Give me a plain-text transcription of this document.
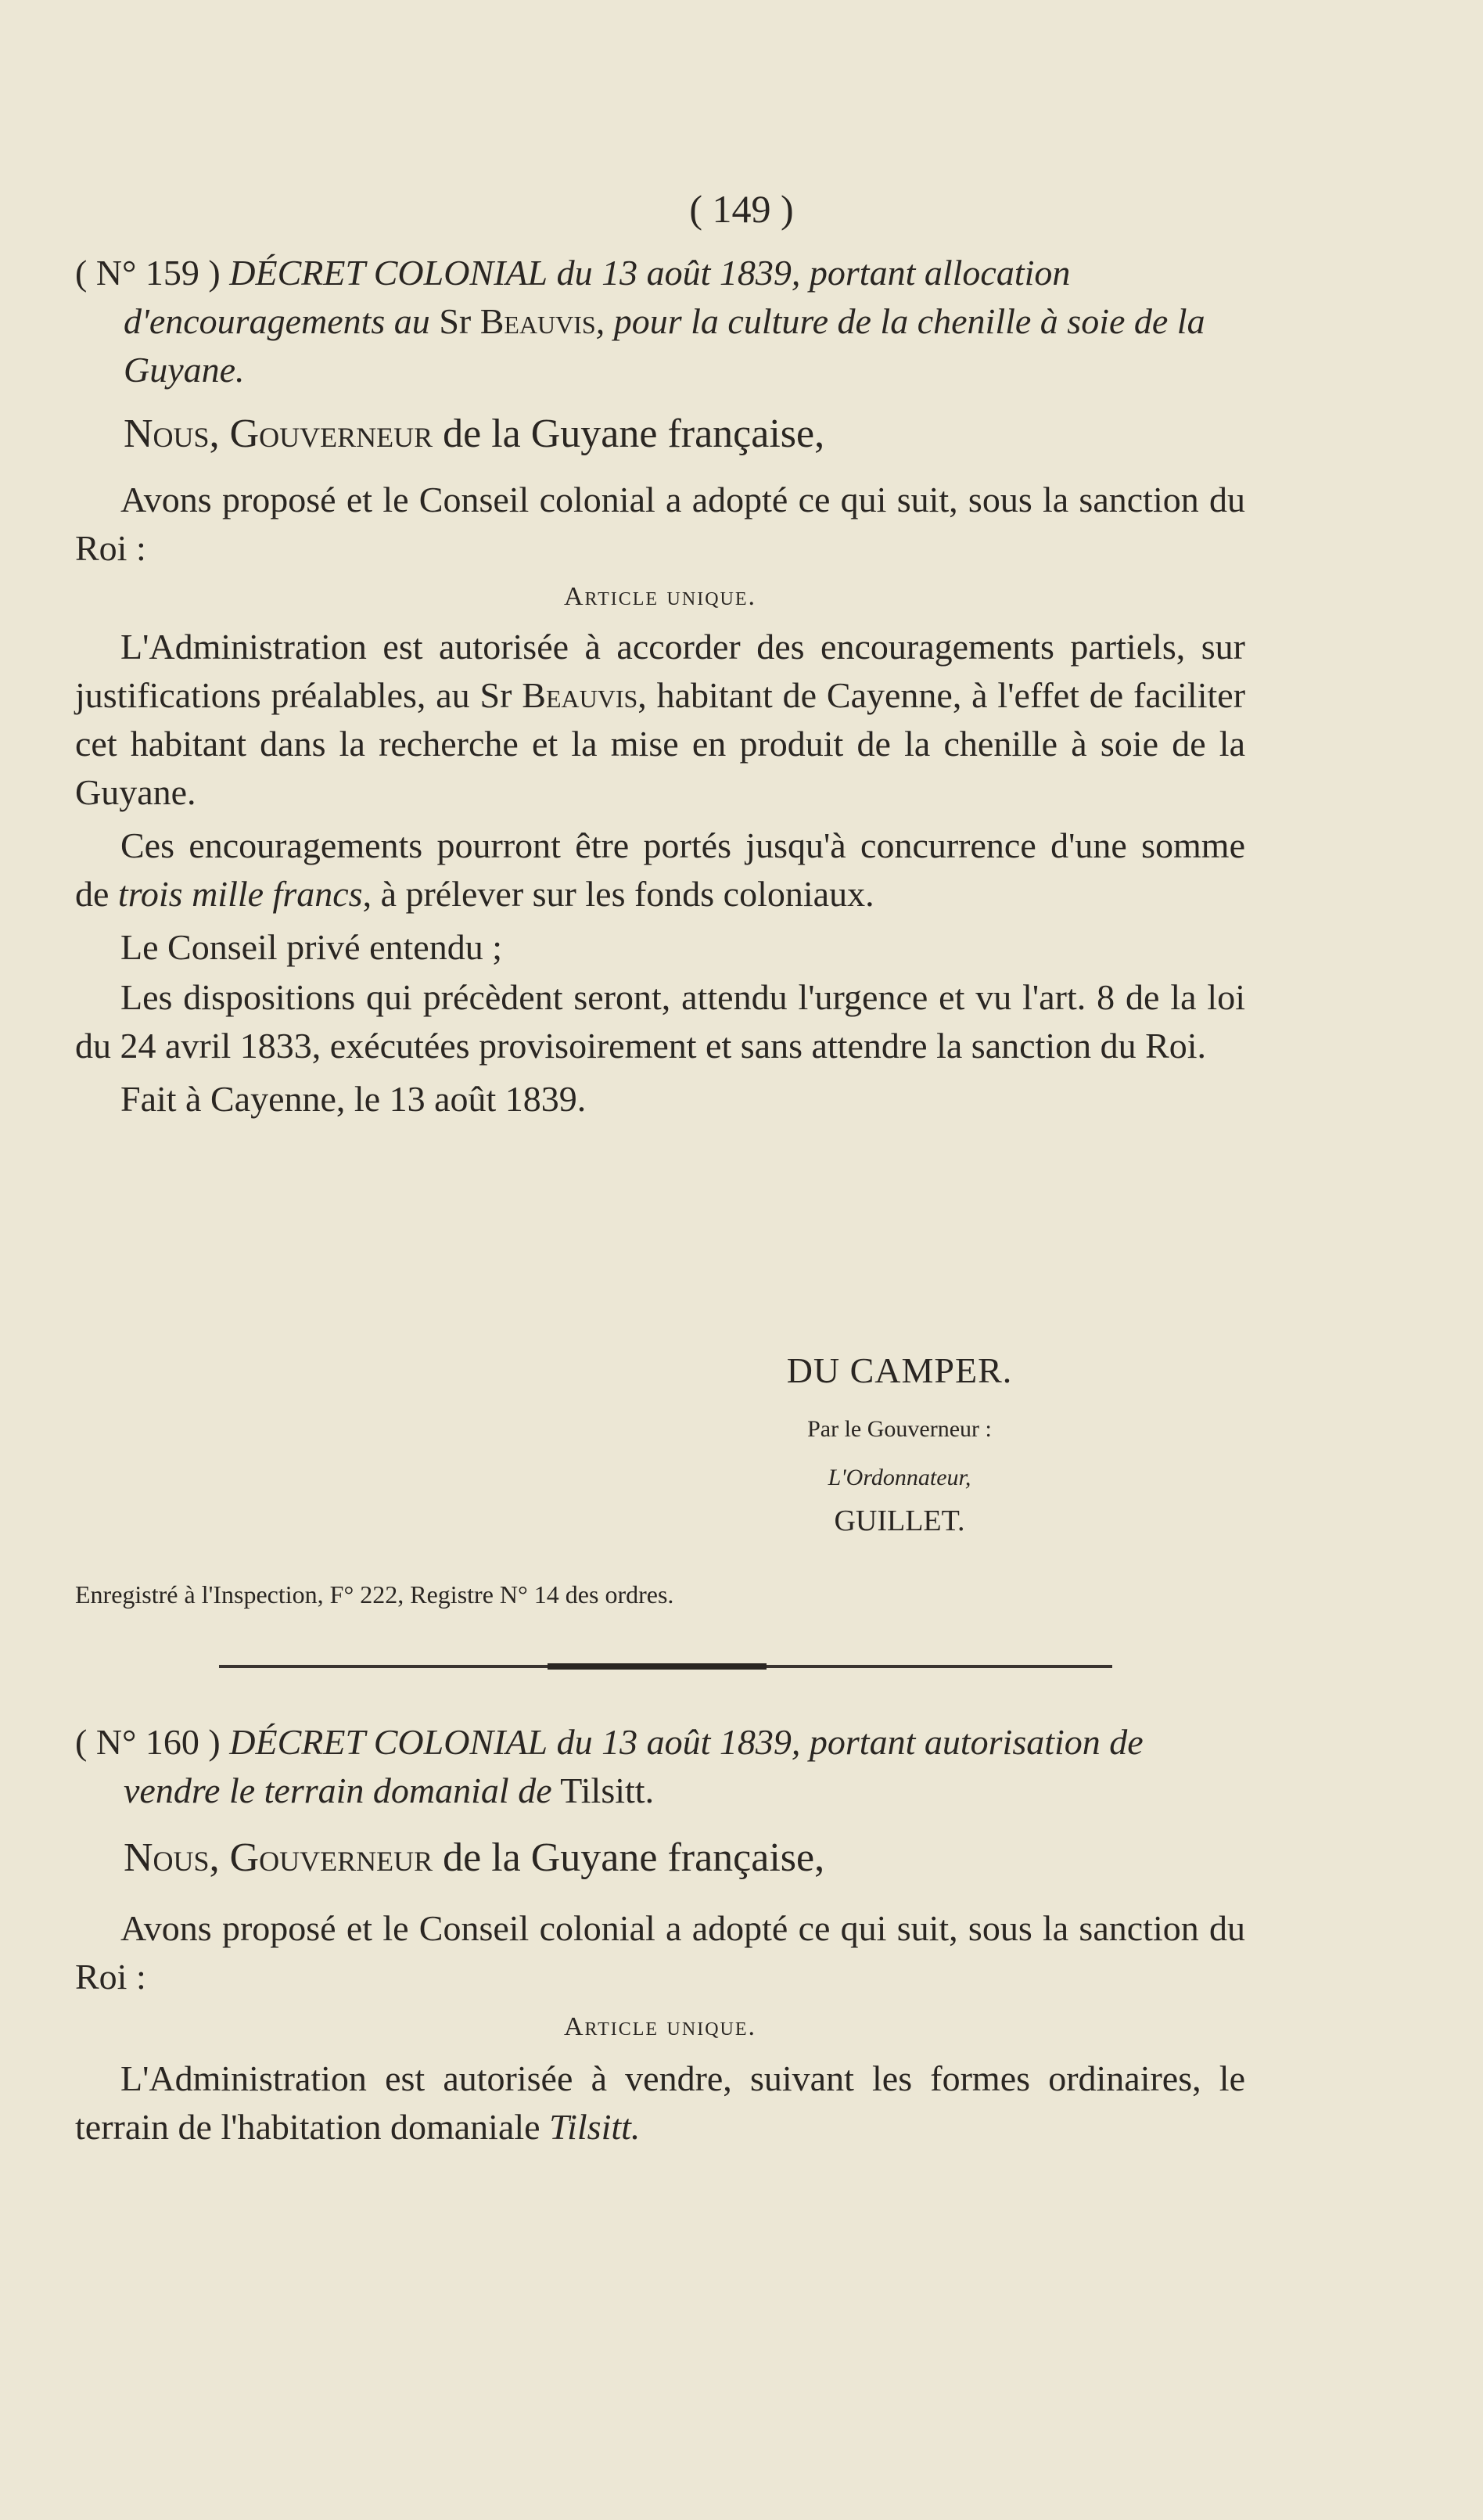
( 149 )

( N° 159 ) DÉCRET COLONIAL du 13 août 1839, portant allocation d'encouragements au Sr Beauvis, pour la culture de la chenille à soie de la Guyane.

Nous, Gouverneur de la Guyane française,

Avons proposé et le Conseil colonial a adopté ce qui suit, sous la sanction du Roi :

Article unique.

L'Administration est autorisée à accorder des encouragements partiels, sur justifications préalables, au Sr Beauvis, habitant de Cayenne, à l'effet de faciliter cet habitant dans la recherche et la mise en produit de la chenille à soie de la Guyane.

Ces encouragements pourront être portés jusqu'à concurrence d'une somme de trois mille francs, à prélever sur les fonds coloniaux.

Le Conseil privé entendu ;

Les dispositions qui précèdent seront, attendu l'urgence et vu l'art. 8 de la loi du 24 avril 1833, exécutées provisoirement et sans attendre la sanction du Roi.

Fait à Cayenne, le 13 août 1839.

DU CAMPER.
Par le Gouverneur :
L'Ordonnateur,
GUILLET.
Enregistré à l'Inspection, F° 222, Registre N° 14 des ordres.

( N° 160 ) DÉCRET COLONIAL du 13 août 1839, portant autorisation de vendre le terrain domanial de Tilsitt.

Nous, Gouverneur de la Guyane française,

Avons proposé et le Conseil colonial a adopté ce qui suit, sous la sanction du Roi :

Article unique.

L'Administration est autorisée à vendre, suivant les formes ordinaires, le terrain de l'habitation domaniale Tilsitt.
